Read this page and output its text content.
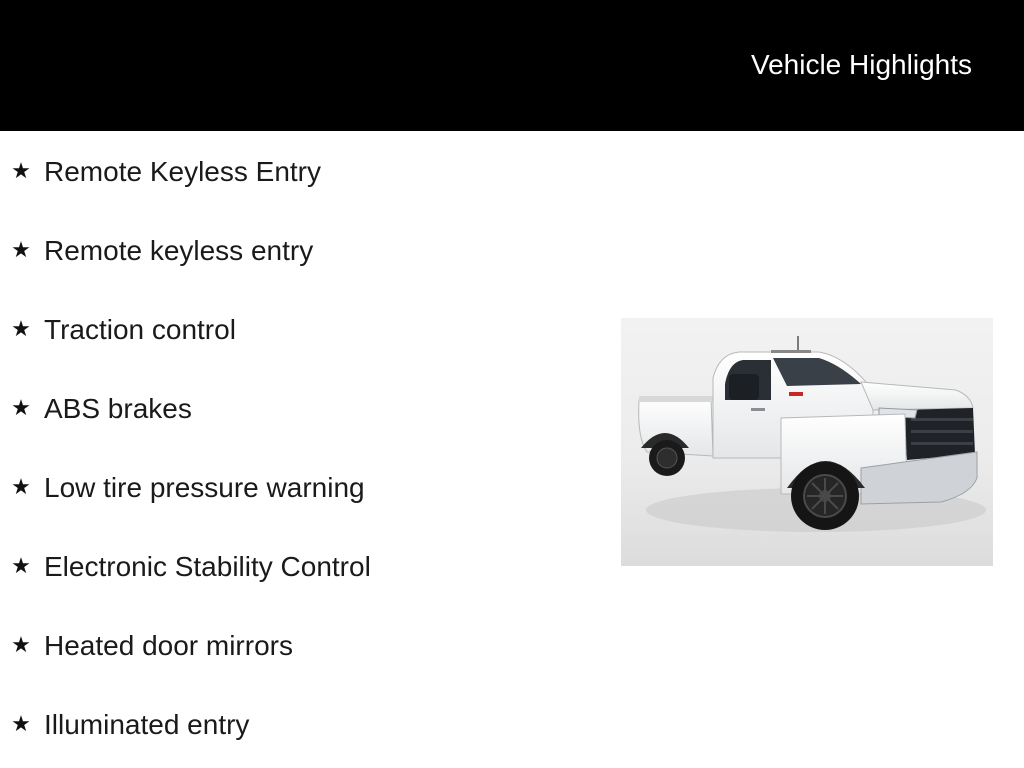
Vehicle Highlights
★ Remote Keyless Entry
★ Remote keyless entry
★ Traction control
★ ABS brakes
★ Low tire pressure warning
★ Electronic Stability Control
★ Heated door mirrors
★ Illuminated entry
